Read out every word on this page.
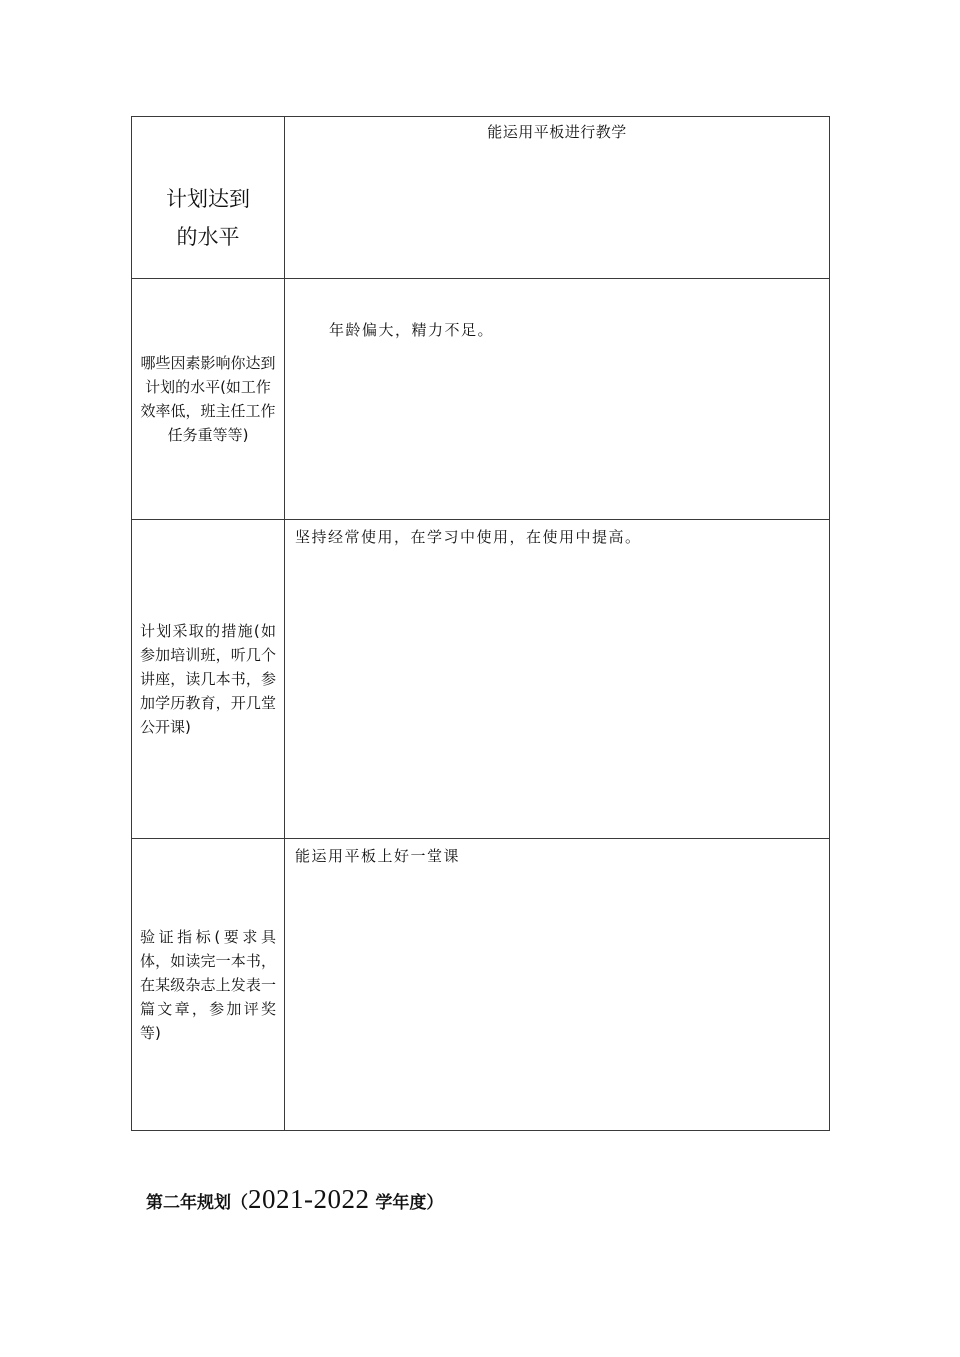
计划达到的水平	能运用平板进行教学

哪些因素影响你达到计划的水平(如工作效率低，班主任工作任务重等等)	年龄偏大，精力不足。

计划采取的措施(如参加培训班，听几个讲座，读几本书，参加学历教育，开几堂公开课)	坚持经常使用，在学习中使用，在使用中提高。

验证指标(要求具体，如读完一本书，在某级杂志上发表一篇文章，参加评奖等)	能运用平板上好一堂课
第二年规划（2021-2022 学年度）
